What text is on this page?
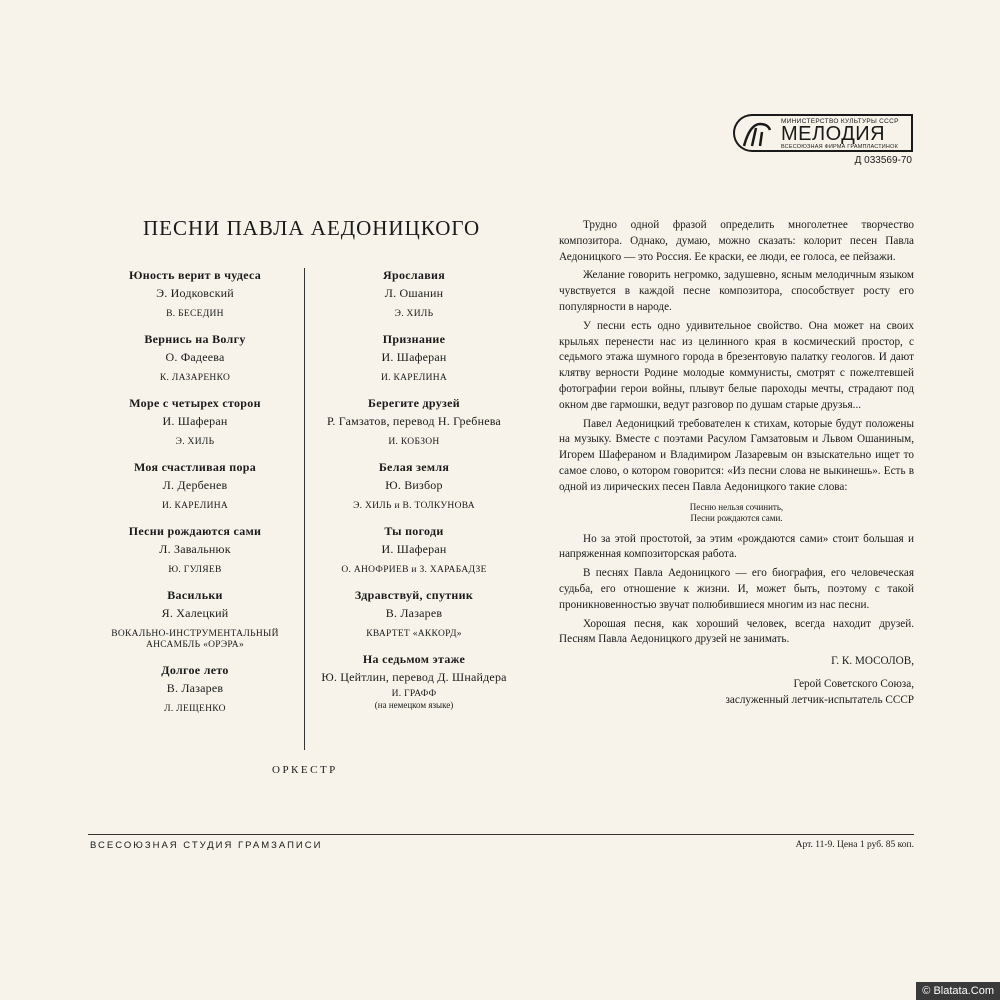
МИНИСТЕРСТВО КУЛЬТУРЫ СССР
МЕЛОДИЯ
ВСЕСОЮЗНАЯ ФИРМА ГРАМПЛАСТИНОК
Д 033569-70
ПЕСНИ ПАВЛА АЕДОНИЦКОГО
Юность верит в чудеса
Э. Иодковский
В. БЕСЕДИН
Вернись на Волгу
О. Фадеева
К. ЛАЗАРЕНКО
Море с четырех сторон
И. Шаферан
Э. ХИЛЬ
Моя счастливая пора
Л. Дербенев
И. КАРЕЛИНА
Песни рождаются сами
Л. Завальнюк
Ю. ГУЛЯЕВ
Васильки
Я. Халецкий
ВОКАЛЬНО-ИНСТРУМЕНТАЛЬНЫЙ
АНСАМБЛЬ «ОРЭРА»
Долгое лето
В. Лазарев
Л. ЛЕЩЕНКО
Ярославия
Л. Ошанин
Э. ХИЛЬ
Признание
И. Шаферан
И. КАРЕЛИНА
Берегите друзей
Р. Гамзатов, перевод Н. Гребнева
И. КОБЗОН
Белая земля
Ю. Визбор
Э. ХИЛЬ и В. ТОЛКУНОВА
Ты погоди
И. Шаферан
О. АНОФРИЕВ и З. ХАРАБАДЗЕ
Здравствуй, спутник
В. Лазарев
КВАРТЕТ «АККОРД»
На седьмом этаже
Ю. Цейтлин, перевод Д. Шнайдера
И. ГРАФФ
(на немецком языке)
ОРКЕСТР

Трудно одной фразой определить многолетнее творчество композитора. Однако, думаю, можно сказать: колорит песен Павла Аедоницкого — это Россия. Ее краски, ее люди, ее голоса, ее пейзажи.

Желание говорить негромко, задушевно, ясным мелодичным языком чувствуется в каждой песне композитора, способствует росту его популярности в народе.

У песни есть одно удивительное свойство. Она может на своих крыльях перенести нас из целинного края в космический простор, с седьмого этажа шумного города в брезентовую палатку геологов. И дают клятву верности Родине молодые коммунисты, смотрят с пожелтевшей фотографии герои войны, плывут белые пароходы мечты, страдают под окном две гармошки, ведут разговор по душам старые друзья...

Павел Аедоницкий требователен к стихам, которые будут положены на музыку. Вместе с поэтами Расулом Гамзатовым и Львом Ошаниным, Игорем Шафераном и Владимиром Лазаревым он взыскательно ищет то самое слово, о котором говорится: «Из песни слова не выкинешь». Есть в одной из лирических песен Павла Аедоницкого такие слова:

Песню нельзя сочинить,
Песни рождаются сами.

Но за этой простотой, за этим «рождаются сами» стоит большая и напряженная композиторская работа.

В песнях Павла Аедоницкого — его биография, его человеческая судьба, его отношение к жизни. И, может быть, поэтому с такой проникновенностью звучат полюбившиеся многим из нас песни.

Хорошая песня, как хороший человек, всегда находит друзей. Песням Павла Аедоницкого друзей не занимать.

Г. К. МОСОЛОВ,

Герой Советского Союза,
заслуженный летчик-испытатель СССР
ВСЕСОЮЗНАЯ СТУДИЯ ГРАМЗАПИСИ	Арт. 11-9. Цена 1 руб. 85 коп.
© Blatata.Com
